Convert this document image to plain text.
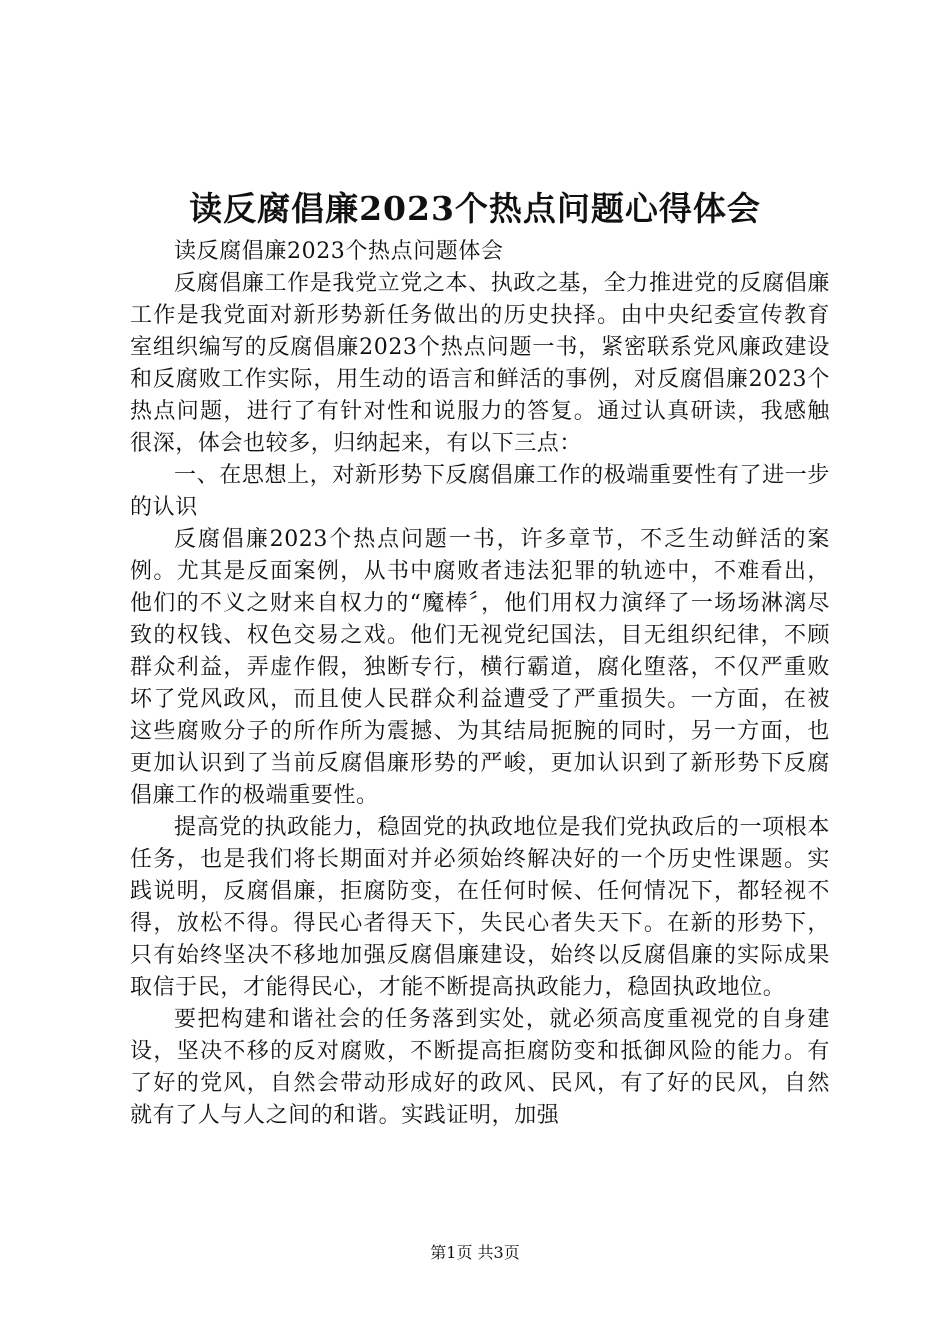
读反腐倡廉2023个热点问题心得体会

读反腐倡廉2023个热点问题体会

反腐倡廉工作是我党立党之本、执政之基，全力推进党的反腐倡廉工作是我党面对新形势新任务做出的历史抉择。由中央纪委宣传教育室组织编写的反腐倡廉2023个热点问题一书，紧密联系党风廉政建设和反腐败工作实际，用生动的语言和鲜活的事例，对反腐倡廉2023个热点问题，进行了有针对性和说服力的答复。通过认真研读，我感触很深，体会也较多，归纳起来，有以下三点：

一、在思想上，对新形势下反腐倡廉工作的极端重要性有了进一步的认识

反腐倡廉2023个热点问题一书，许多章节，不乏生动鲜活的案例。尤其是反面案例，从书中腐败者违法犯罪的轨迹中，不难看出，他们的不义之财来自权力的“魔棒〞，他们用权力演绎了一场场淋漓尽致的权钱、权色交易之戏。他们无视党纪国法，目无组织纪律，不顾群众利益，弄虚作假，独断专行，横行霸道，腐化堕落，不仅严重败坏了党风政风，而且使人民群众利益遭受了严重损失。一方面，在被这些腐败分子的所作所为震撼、为其结局扼腕的同时，另一方面，也更加认识到了当前反腐倡廉形势的严峻，更加认识到了新形势下反腐倡廉工作的极端重要性。

提高党的执政能力，稳固党的执政地位是我们党执政后的一项根本任务，也是我们将长期面对并必须始终解决好的一个历史性课题。实践说明，反腐倡廉，拒腐防变，在任何时候、任何情况下，都轻视不得，放松不得。得民心者得天下，失民心者失天下。在新的形势下，只有始终坚决不移地加强反腐倡廉建设，始终以反腐倡廉的实际成果取信于民，才能得民心，才能不断提高执政能力，稳固执政地位。

要把构建和谐社会的任务落到实处，就必须高度重视党的自身建设，坚决不移的反对腐败，不断提高拒腐防变和抵御风险的能力。有了好的党风，自然会带动形成好的政风、民风，有了好的民风，自然就有了人与人之间的和谐。实践证明，加强

第1页 共3页
